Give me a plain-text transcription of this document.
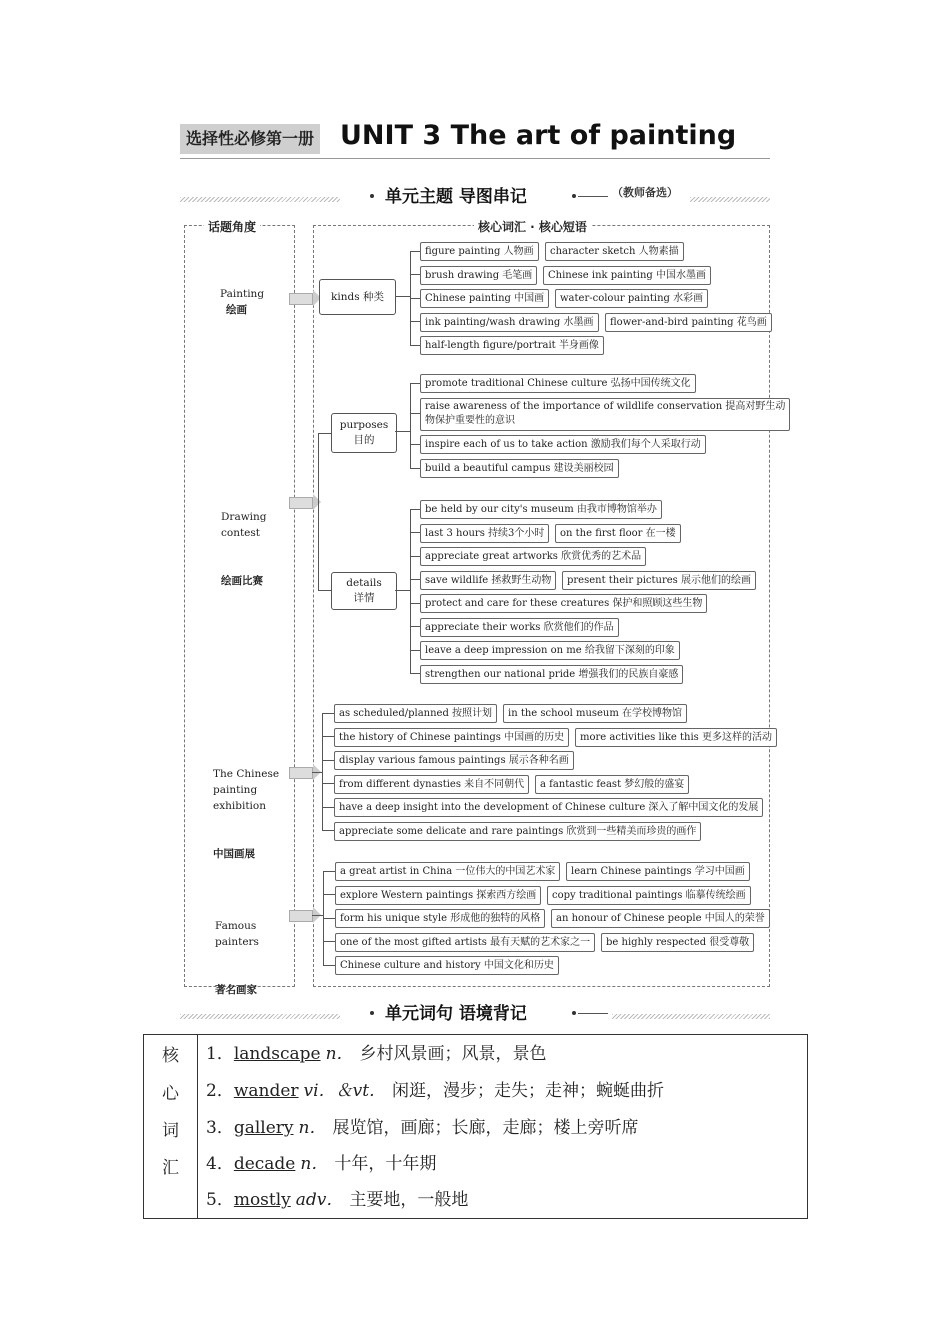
选择性必修第一册 UNIT 3 The art of painting
单元主题 导图串记	（教师备选）
话题角度	核心词汇 · 核心短语
Painting
绘画

Drawing
contest

绘画比赛

The Chinese
painting
exhibition

中国画展

Famous
painters

著名画家

kinds 种类
purposes
目的
details
详情
figure painting 人物画	character sketch 人物素描
brush drawing 毛笔画	Chinese ink painting 中国水墨画
Chinese painting 中国画	water-colour painting 水彩画
ink painting/wash drawing 水墨画	flower-and-bird painting 花鸟画
half-length figure/portrait 半身画像
promote traditional Chinese culture 弘扬中国传统文化
raise awareness of the importance of wildlife conservation 提高对野生动
物保护重要性的意识
inspire each of us to take action 激励我们每个人采取行动
build a beautiful campus 建设美丽校园
be held by our city's museum 由我市博物馆举办
last 3 hours 持续3个小时	on the first floor 在一楼
appreciate great artworks 欣赏优秀的艺术品
save wildlife 拯救野生动物	present their pictures 展示他们的绘画
protect and care for these creatures 保护和照顾这些生物
appreciate their works 欣赏他们的作品
leave a deep impression on me 给我留下深刻的印象
strengthen our national pride 增强我们的民族自豪感
as scheduled/planned 按照计划	in the school museum 在学校博物馆
the history of Chinese paintings 中国画的历史	more activities like this 更多这样的活动
display various famous paintings 展示各种名画
from different dynasties 来自不同朝代	a fantastic feast 梦幻般的盛宴
have a deep insight into the development of Chinese culture 深入了解中国文化的发展
appreciate some delicate and rare paintings 欣赏到一些精美而珍贵的画作
a great artist in China 一位伟大的中国艺术家	learn Chinese paintings 学习中国画
explore Western paintings 探索西方绘画	copy traditional paintings 临摹传统绘画
form his unique style 形成他的独特的风格	an honour of Chinese people 中国人的荣誉
one of the most gifted artists 最有天赋的艺术家之一	be highly respected 很受尊敬
Chinese culture and history 中国文化和历史
单元词句 语境背记
核
心
词
汇
1．landscape n． 乡村风景画；风景，景色
2．wander vi．＆vt． 闲逛，漫步；走失；走神；蜿蜒曲折
3．gallery n． 展览馆，画廊；长廊，走廊；楼上旁听席
4．decade n． 十年，十年期
5．mostly adv． 主要地，一般地
